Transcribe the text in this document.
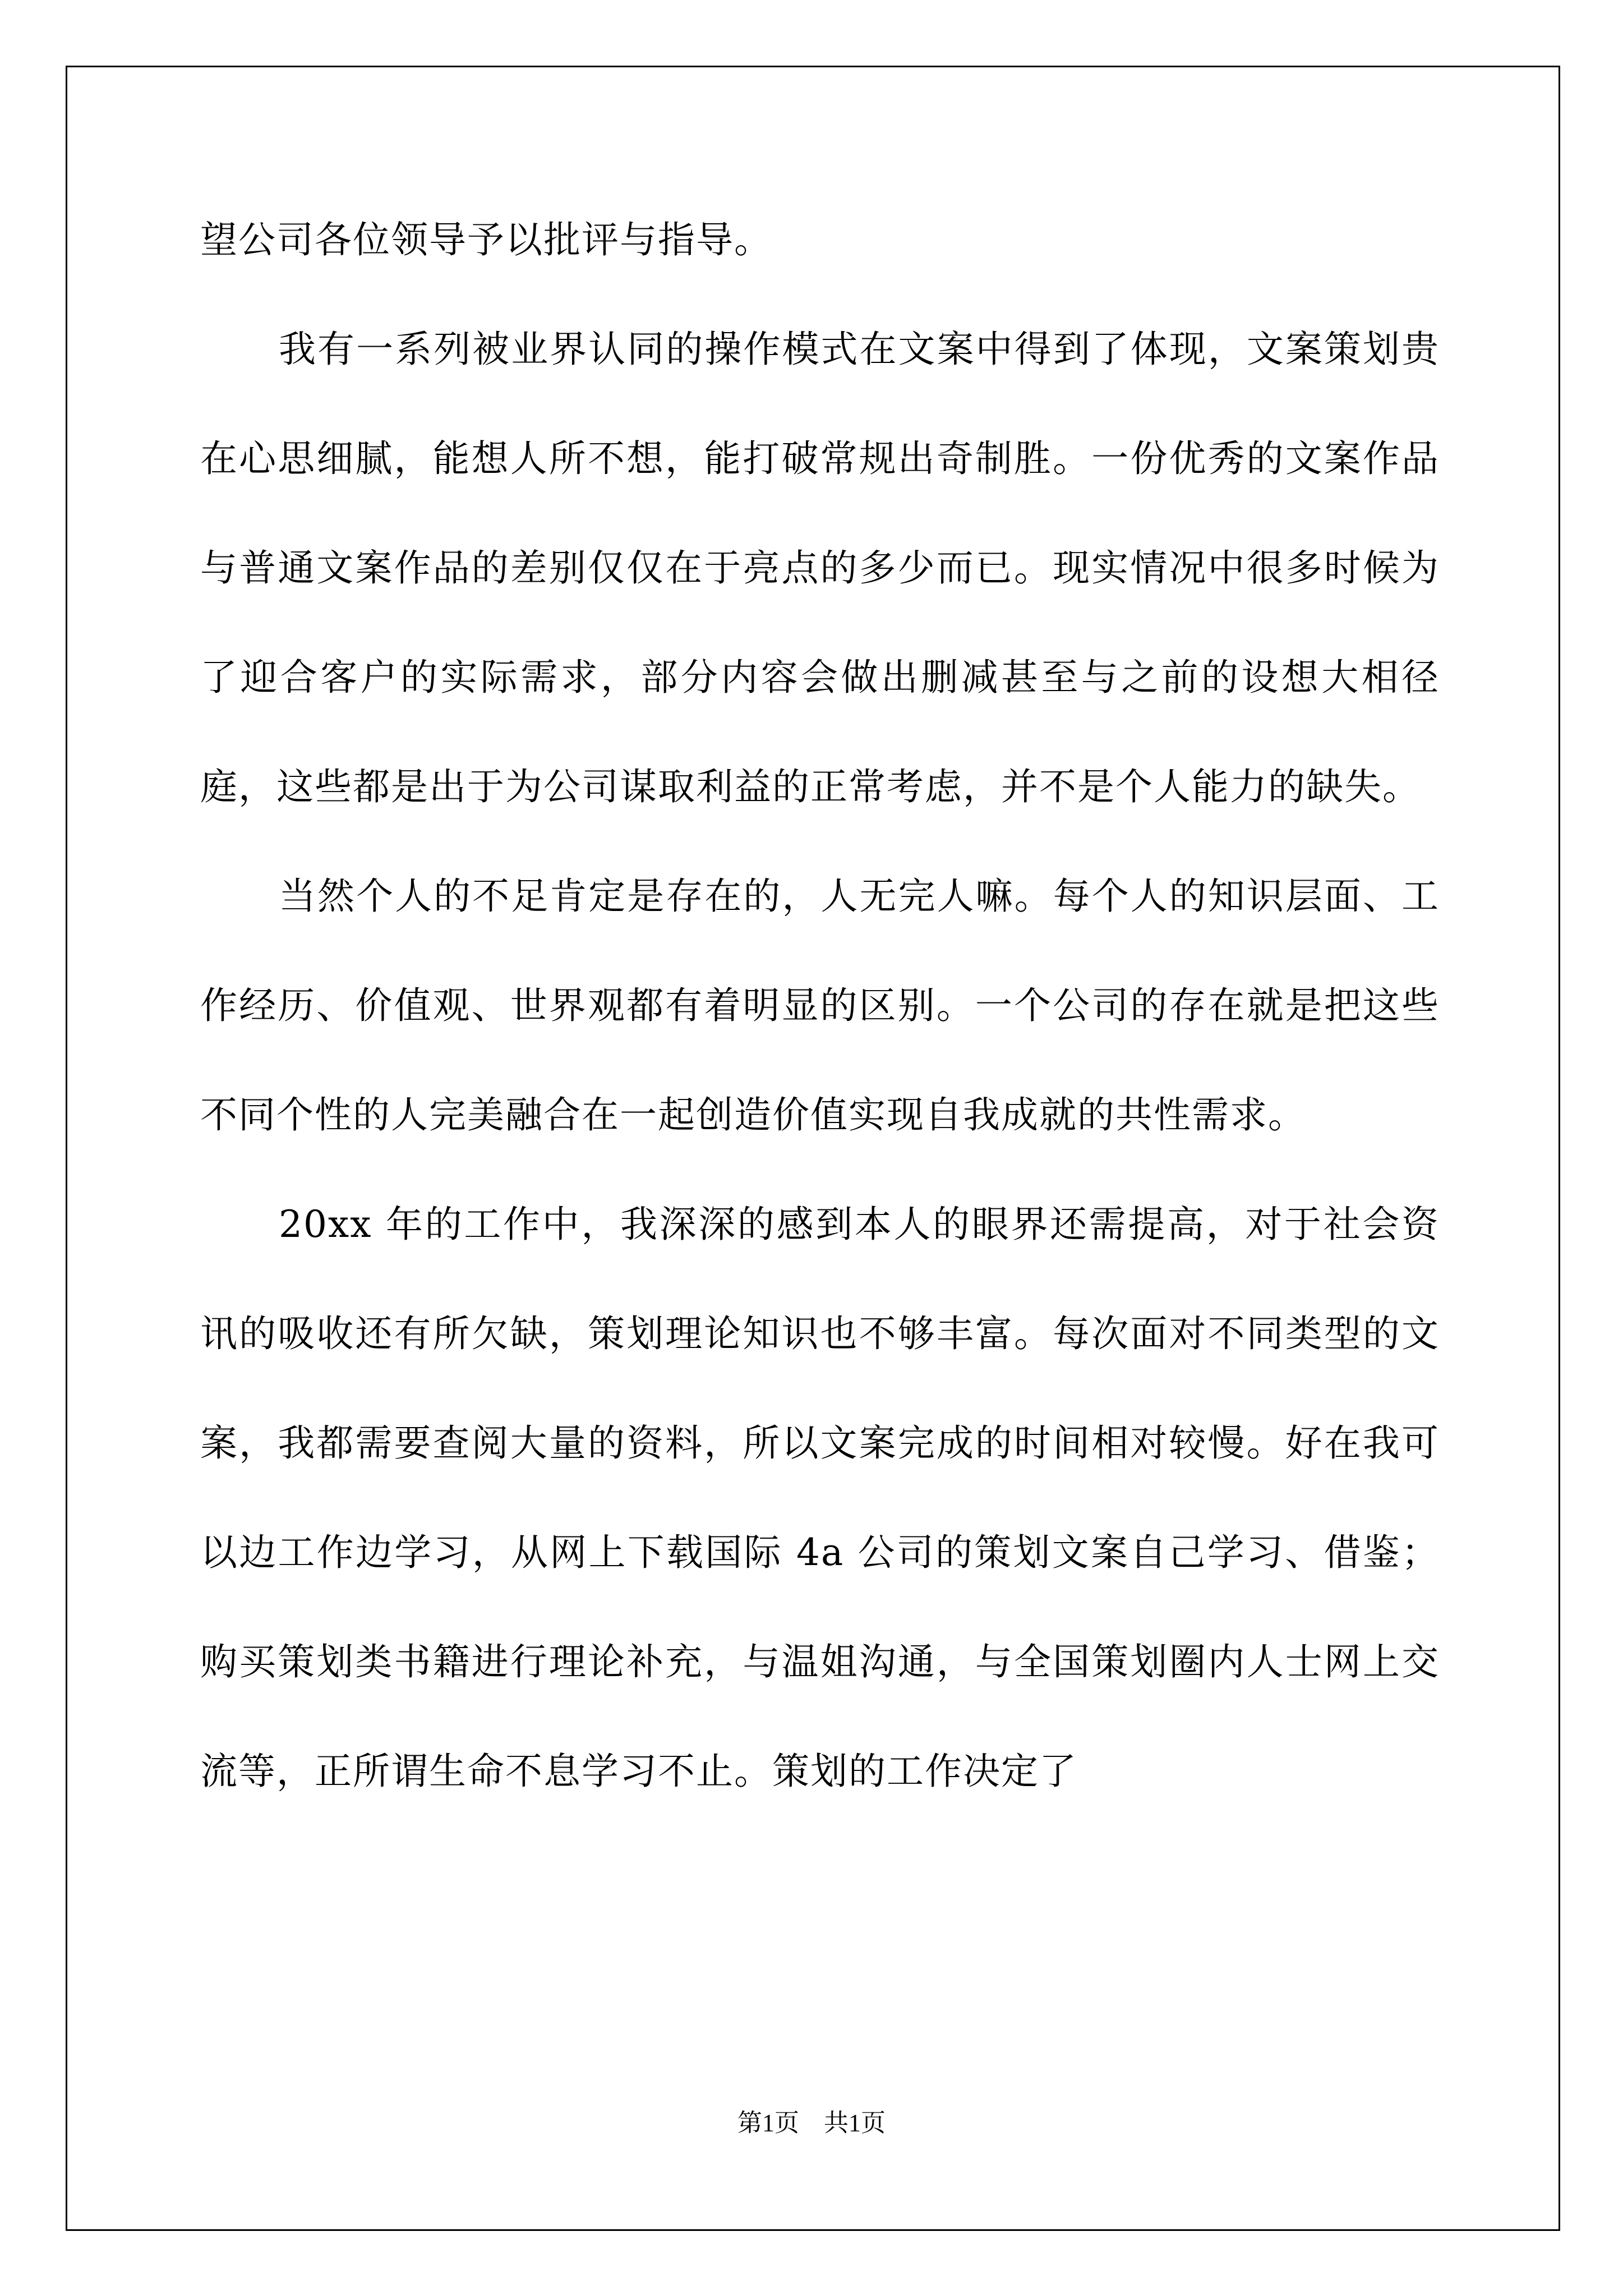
望公司各位领导予以批评与指导。

我有一系列被业界认同的操作模式在文案中得到了体现，文案策划贵在心思细腻，能想人所不想，能打破常规出奇制胜。一份优秀的文案作品与普通文案作品的差别仅仅在于亮点的多少而已。现实情况中很多时候为了迎合客户的实际需求，部分内容会做出删减甚至与之前的设想大相径庭，这些都是出于为公司谋取利益的正常考虑，并不是个人能力的缺失。

当然个人的不足肯定是存在的，人无完人嘛。每个人的知识层面、工作经历、价值观、世界观都有着明显的区别。一个公司的存在就是把这些不同个性的人完美融合在一起创造价值实现自我成就的共性需求。

20xx 年的工作中，我深深的感到本人的眼界还需提高，对于社会资讯的吸收还有所欠缺，策划理论知识也不够丰富。每次面对不同类型的文案，我都需要查阅大量的资料，所以文案完成的时间相对较慢。好在我可以边工作边学习，从网上下载国际 4a 公司的策划文案自己学习、借鉴；购买策划类书籍进行理论补充，与温姐沟通，与全国策划圈内人士网上交流等，正所谓生命不息学习不止。策划的工作决定了

第1页　共1页
